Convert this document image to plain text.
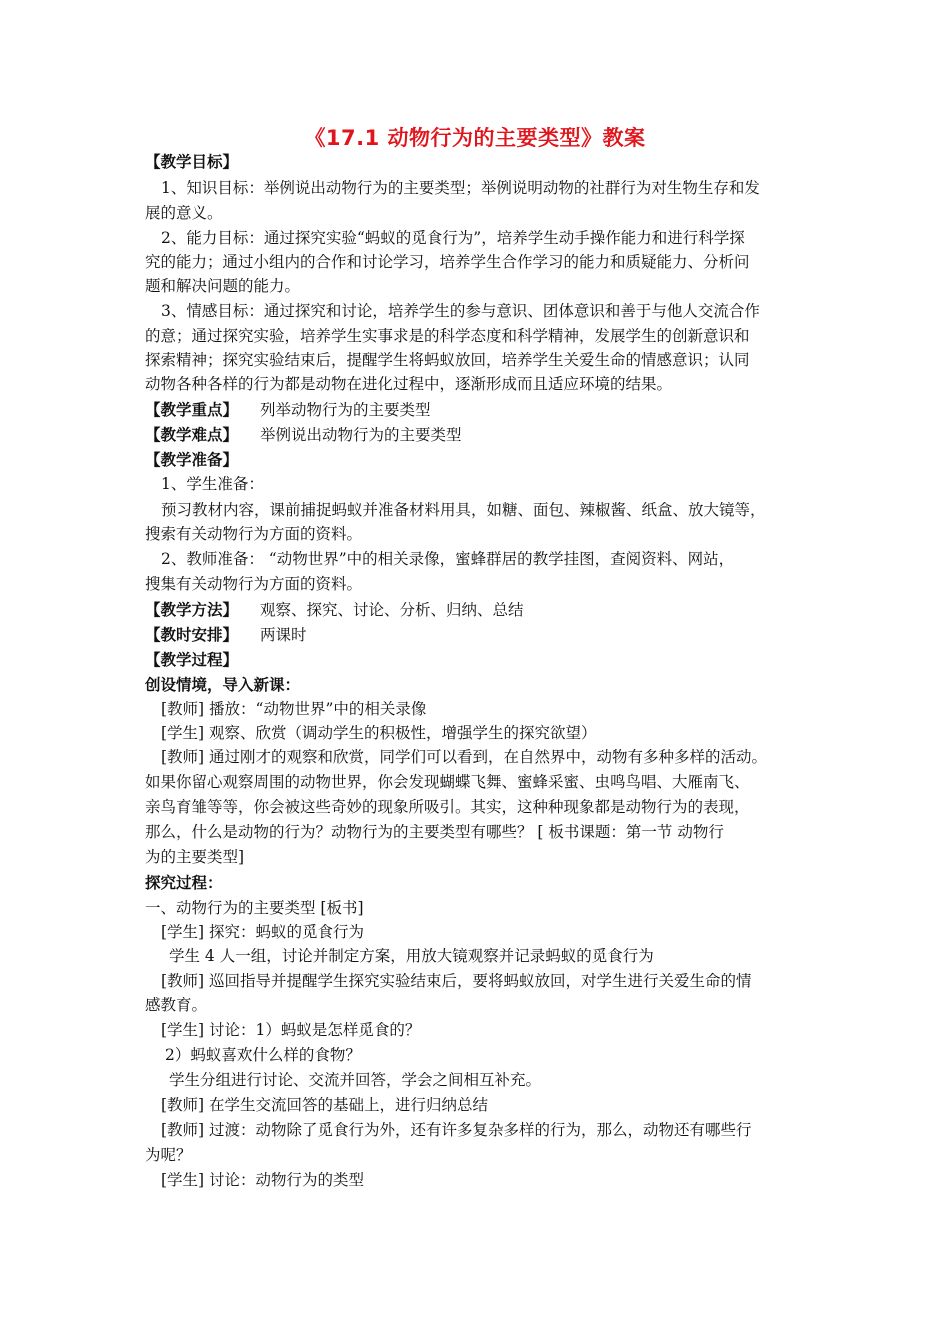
《17.1 动物行为的主要类型》教案
【教学目标】
1、知识目标：举例说出动物行为的主要类型；举例说明动物的社群行为对生物生存和发
展的意义。
2、能力目标：通过探究实验“蚂蚁的觅食行为”，培养学生动手操作能力和进行科学探
究的能力；通过小组内的合作和讨论学习，培养学生合作学习的能力和质疑能力、分析问
题和解决问题的能力。
3、情感目标：通过探究和讨论，培养学生的参与意识、团体意识和善于与他人交流合作
的意；通过探究实验，培养学生实事求是的科学态度和科学精神，发展学生的创新意识和
探索精神；探究实验结束后，提醒学生将蚂蚁放回，培养学生关爱生命的情感意识；认同
动物各种各样的行为都是动物在进化过程中，逐渐形成而且适应环境的结果。
【教学重点】 列举动物行为的主要类型
【教学难点】 举例说出动物行为的主要类型
【教学准备】
1、学生准备：
预习教材内容，课前捕捉蚂蚁并准备材料用具，如糖、面包、辣椒酱、纸盒、放大镜等，
搜索有关动物行为方面的资料。
2、教师准备： “动物世界”中的相关录像，蜜蜂群居的教学挂图，查阅资料、网站，
搜集有关动物行为方面的资料。
【教学方法】 观察、探究、讨论、分析、归纳、总结
【教时安排】 两课时
【教学过程】
创设情境，导入新课：
[教师] 播放：“动物世界”中的相关录像
[学生] 观察、欣赏（调动学生的积极性，增强学生的探究欲望）
[教师] 通过刚才的观察和欣赏，同学们可以看到，在自然界中，动物有多种多样的活动。
如果你留心观察周围的动物世界，你会发现蝴蝶飞舞、蜜蜂采蜜、虫鸣鸟唱、大雁南飞、
亲鸟育雏等等，你会被这些奇妙的现象所吸引。其实，这种种现象都是动物行为的表现，
那么，什么是动物的行为？动物行为的主要类型有哪些？ [ 板书课题：第一节 动物行
为的主要类型]
探究过程：
一、动物行为的主要类型 [板书]
[学生] 探究：蚂蚁的觅食行为
学生 4 人一组，讨论并制定方案，用放大镜观察并记录蚂蚁的觅食行为
[教师] 巡回指导并提醒学生探究实验结束后，要将蚂蚁放回，对学生进行关爱生命的情
感教育。
[学生] 讨论：1）蚂蚁是怎样觅食的？
2）蚂蚁喜欢什么样的食物？
学生分组进行讨论、交流并回答，学会之间相互补充。
[教师] 在学生交流回答的基础上，进行归纳总结
[教师] 过渡：动物除了觅食行为外，还有许多复杂多样的行为，那么，动物还有哪些行
为呢？
[学生] 讨论：动物行为的类型
